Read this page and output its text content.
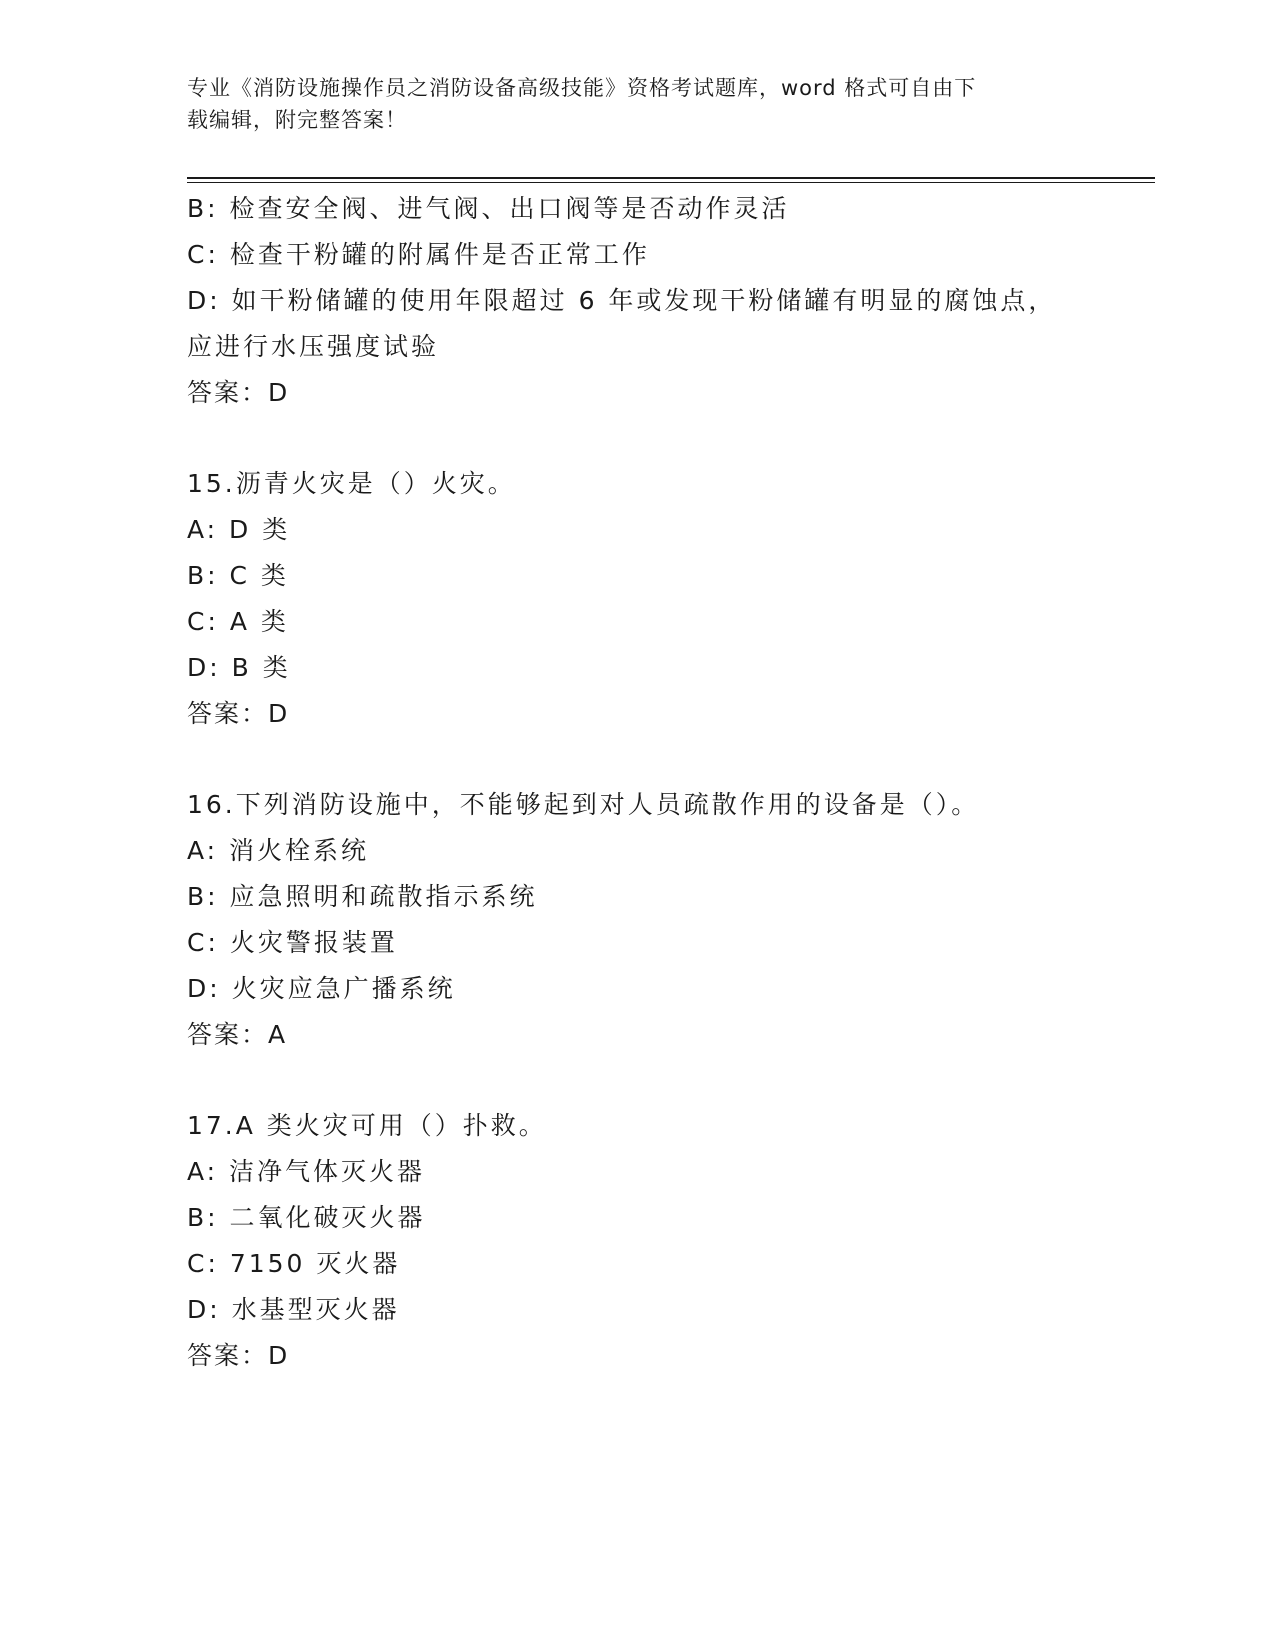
专业《消防设施操作员之消防设备高级技能》资格考试题库，word 格式可自由下
载编辑，附完整答案！
B: 检查安全阀、进气阀、出口阀等是否动作灵活
C: 检查干粉罐的附属件是否正常工作
D: 如干粉储罐的使用年限超过 6 年或发现干粉储罐有明显的腐蚀点，
应进行水压强度试验
答案：D
15.沥青火灾是（）火灾。
A: D 类
B: C 类
C: A 类
D: B 类
答案：D
16.下列消防设施中，不能够起到对人员疏散作用的设备是（）。
A: 消火栓系统
B: 应急照明和疏散指示系统
C: 火灾警报装置
D: 火灾应急广播系统
答案：A
17.A 类火灾可用（）扑救。
A: 洁净气体灭火器
B: 二氧化破灭火器
C: 7150 灭火器
D: 水基型灭火器
答案：D
